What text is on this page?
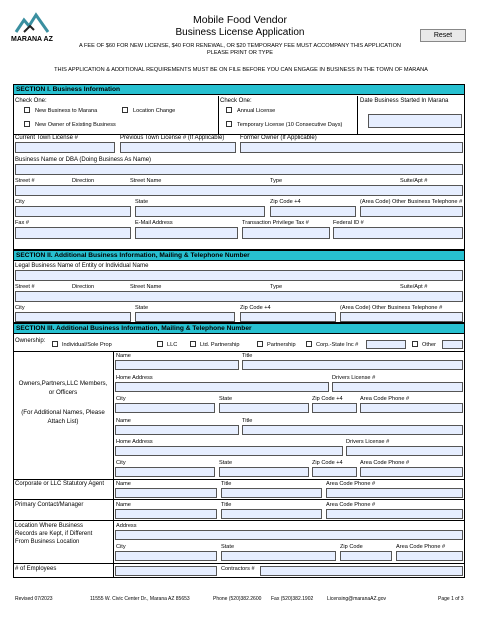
MARANA AZ
Mobile Food Vendor
Business License Application
A FEE OF $60 FOR NEW LICENSE, $40 FOR RENEWAL, OR $20 TEMPORARY FEE MUST ACCOMPANY THIS APPLICATION
PLEASE PRINT OR TYPE
THIS APPLICATION & ADDITIONAL REQUIREMENTS MUST BE ON FILE BEFORE YOU CAN ENGAGE IN BUSINESS IN THE TOWN OF MARANA
Reset
SECTION I. Business Information
Check One:
New Business to Marana	Location Change
New Owner of Existing Business
Check One:
Annual License
Temporary License (10 Consecutive Days)
Date Business Started In Marana
Current Town License #	Previous Town License # (If Applicable)	Former Owner (If Applicable)
Business Name or DBA (Doing Business As Name)
Street #	Direction	Street Name	Type	Suite/Apt #
City	State	Zip Code +4	(Area Code) Other Business Telephone #
Fax #	E-Mail Address	Transaction Privilege Tax #	Federal ID #
SECTION II. Additional Business Information, Mailing & Telephone Number
Legal Business Name of Entity or Individual Name
Street #	Direction	Street Name	Type	Suite/Apt #
City	State	Zip Code +4	(Area Code) Other Business Telephone #
SECTION III. Additional Business Information, Mailing & Telephone Number
Ownership:
Individual/Sole Prop	LLC	Ltd. Partnership	Partnership	Corp.-State Inc #	Other
Owners,Partners,LLC Members,
or Officers
(For Additional Names, Please
Attach List)
Name	Title
Home Address	Drivers License #
City	State	Zip Code +4	Area Code Phone #
Name	Title
Home Address	Drivers License #
City	State	Zip Code +4	Area Code Phone #
Corporate or LLC Statutory Agent Name	Title	Area Code Phone #
Primary Contact/Manager	Name	Title	Area Code Phone #
Location Where Business
Records are Kept, if Different
From Business Location
Address
City	State	Zip Code	Area Code Phone #
# of Employees	Contractors #
Revised 07/2023	11555 W. Civic Center Dr., Marana AZ 85653	Phone (520)382.2600 Fax (520)382.1902	Licensing@maranaAZ.gov	Page 1 of 3
